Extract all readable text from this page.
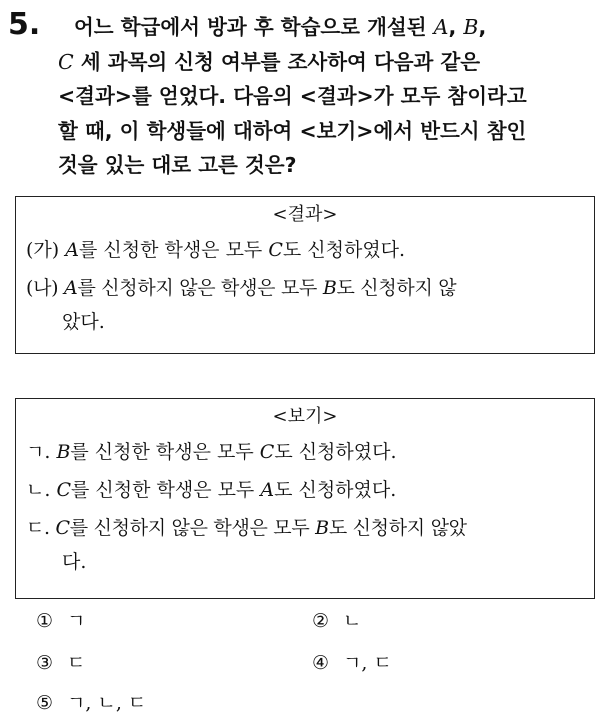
5.	어느 학급에서 방과 후 학습으로 개설된 A, B,
C 세 과목의 신청 여부를 조사하여 다음과 같은
<결과>를 얻었다. 다음의 <결과>가 모두 참이라고
할 때, 이 학생들에 대하여 <보기>에서 반드시 참인
것을 있는 대로 고른 것은?
<결과>
(가) A를 신청한 학생은 모두 C도 신청하였다.
(나) A를 신청하지 않은 학생은 모두 B도 신청하지 않
았다.
<보기>
ㄱ. B를 신청한 학생은 모두 C도 신청하였다.
ㄴ. C를 신청한 학생은 모두 A도 신청하였다.
ㄷ. C를 신청하지 않은 학생은 모두 B도 신청하지 않았
다.
① ㄱ	② ㄴ
③ ㄷ	④ ㄱ, ㄷ
⑤ ㄱ, ㄴ, ㄷ
